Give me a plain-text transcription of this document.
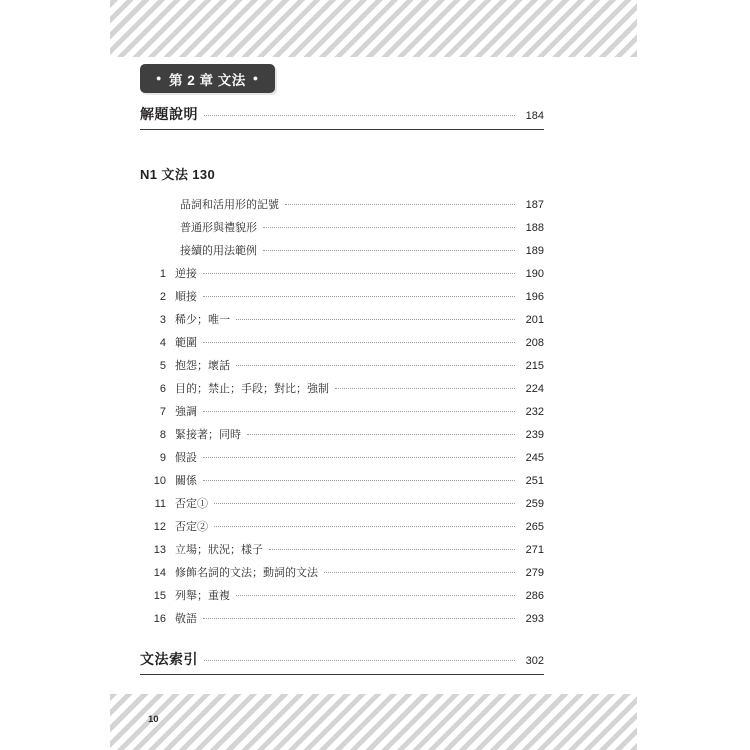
● 第 2 章 文法 ●
解題說明	184
N1 文法 130
品詞和活用形的記號	187
普通形與禮貌形	188
接續的用法範例	189
1 逆接	190
2 順接	196
3 稀少；唯一	201
4 範圍	208
5 抱怨；壞話	215
6 目的；禁止；手段；對比；強制	224
7 強調	232
8 緊接著；同時	239
9 假設	245
10 關係	251
11 否定①	259
12 否定②	265
13 立場；狀況；樣子	271
14 修飾名詞的文法；動詞的文法	279
15 列舉；重複	286
16 敬語	293
文法索引	302
10
